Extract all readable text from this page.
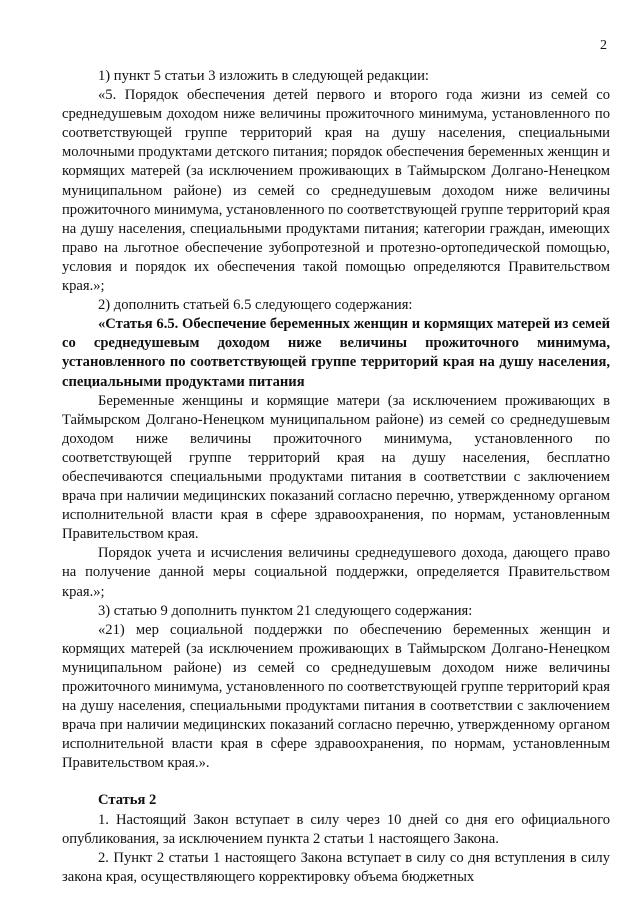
2

1) пункт 5 статьи 3 изложить в следующей редакции:

«5. Порядок обеспечения детей первого и второго года жизни из семей со среднедушевым доходом ниже величины прожиточного минимума, установленного по соответствующей группе территорий края на душу населения, специальными молочными продуктами детского питания; порядок обеспечения беременных женщин и кормящих матерей (за исключением проживающих в Таймырском Долгано-Ненецком муниципальном районе) из семей со среднедушевым доходом ниже величины прожиточного минимума, установленного по соответствующей группе территорий края на душу населения, специальными продуктами питания; категории граждан, имеющих право на льготное обеспечение зубопротезной и протезно-ортопедической помощью, условия и порядок их обеспечения такой помощью определяются Правительством края.»;

2) дополнить статьей 6.5 следующего содержания:

«Статья 6.5. Обеспечение беременных женщин и кормящих матерей из семей со среднедушевым доходом ниже величины прожиточного минимума, установленного по соответствующей группе территорий края на душу населения, специальными продуктами питания

Беременные женщины и кормящие матери (за исключением проживающих в Таймырском Долгано-Ненецком муниципальном районе) из семей со среднедушевым доходом ниже величины прожиточного минимума, установленного по соответствующей группе территорий края на душу населения, бесплатно обеспечиваются специальными продуктами питания в соответствии с заключением врача при наличии медицинских показаний согласно перечню, утвержденному органом исполнительной власти края в сфере здравоохранения, по нормам, установленным Правительством края.

Порядок учета и исчисления величины среднедушевого дохода, дающего право на получение данной меры социальной поддержки, определяется Правительством края.»;

3) статью 9 дополнить пунктом 21 следующего содержания:

«21) мер социальной поддержки по обеспечению беременных женщин и кормящих матерей (за исключением проживающих в Таймырском Долгано-Ненецком муниципальном районе) из семей со среднедушевым доходом ниже величины прожиточного минимума, установленного по соответствующей группе территорий края на душу населения, специальными продуктами питания в соответствии с заключением врача при наличии медицинских показаний согласно перечню, утвержденному органом исполнительной власти края в сфере здравоохранения, по нормам, установленным Правительством края.».

Статья 2

1. Настоящий Закон вступает в силу через 10 дней со дня его официального опубликования, за исключением пункта 2 статьи 1 настоящего Закона.

2. Пункт 2 статьи 1 настоящего Закона вступает в силу со дня вступления в силу закона края, осуществляющего корректировку объема бюджетных
